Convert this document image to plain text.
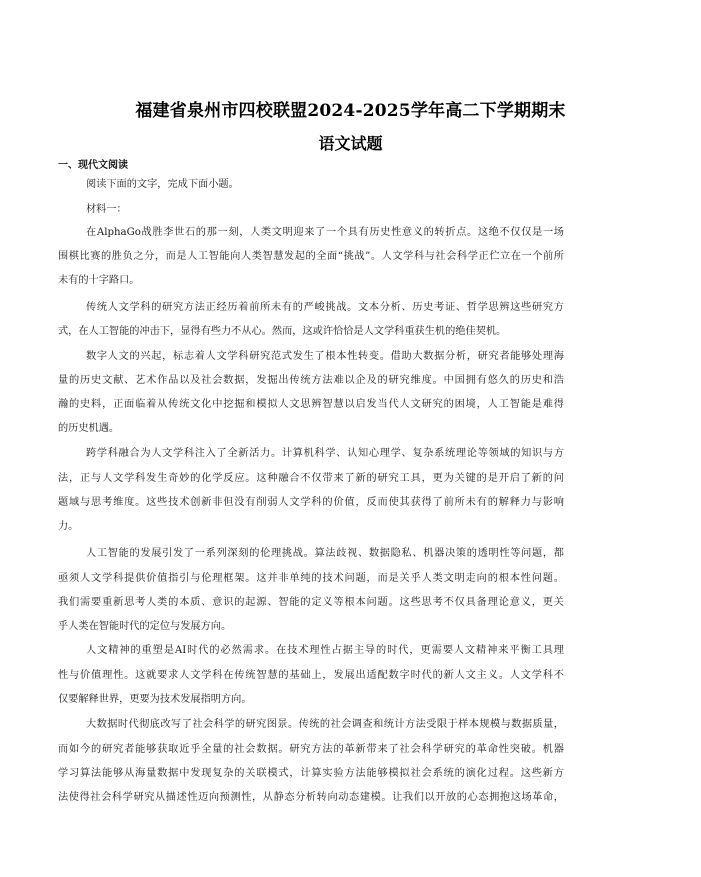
福建省泉州市四校联盟2024-2025学年高二下学期期末
语文试题
一、现代文阅读
阅读下面的文字，完成下面小题。
材料一：
在AlphaGo战胜李世石的那一刻，人类文明迎来了一个具有历史性意义的转折点。这绝不仅仅是一场
围棋比赛的胜负之分，而是人工智能向人类智慧发起的全面“挑战”。人文学科与社会科学正伫立在一个前所
未有的十字路口。
传统人文学科的研究方法正经历着前所未有的严峻挑战。文本分析、历史考证、哲学思辨这些研究方
式，在人工智能的冲击下，显得有些力不从心。然而，这或许恰恰是人文学科重获生机的绝佳契机。
数字人文的兴起，标志着人文学科研究范式发生了根本性转变。借助大数据分析，研究者能够处理海
量的历史文献、艺术作品以及社会数据，发掘出传统方法难以企及的研究维度。中国拥有悠久的历史和浩
瀚的史料，正面临着从传统文化中挖掘和模拟人文思辨智慧以启发当代人文研究的困境，人工智能是难得
的历史机遇。
跨学科融合为人文学科注入了全新活力。计算机科学、认知心理学、复杂系统理论等领域的知识与方
法，正与人文学科发生奇妙的化学反应。这种融合不仅带来了新的研究工具，更为关键的是开启了新的问
题域与思考维度。这些技术创新非但没有削弱人文学科的价值，反而使其获得了前所未有的解释力与影响
力。
人工智能的发展引发了一系列深刻的伦理挑战。算法歧视、数据隐私、机器决策的透明性等问题，都
亟须人文学科提供价值指引与伦理框架。这并非单纯的技术问题，而是关乎人类文明走向的根本性问题。
我们需要重新思考人类的本质、意识的起源、智能的定义等根本问题。这些思考不仅具备理论意义，更关
乎人类在智能时代的定位与发展方向。
人文精神的重塑是AI时代的必然需求。在技术理性占据主导的时代，更需要人文精神来平衡工具理
性与价值理性。这就要求人文学科在传统智慧的基础上，发展出适配数字时代的新人文主义。人文学科不
仅要解释世界，更要为技术发展指明方向。
大数据时代彻底改写了社会科学的研究图景。传统的社会调查和统计方法受限于样本规模与数据质量，
而如今的研究者能够获取近乎全量的社会数据。研究方法的革新带来了社会科学研究的革命性突破。机器
学习算法能够从海量数据中发现复杂的关联模式，计算实验方法能够模拟社会系统的演化过程。这些新方
法使得社会科学研究从描述性迈向预测性，从静态分析转向动态建模。让我们以开放的心态拥抱这场革命，
